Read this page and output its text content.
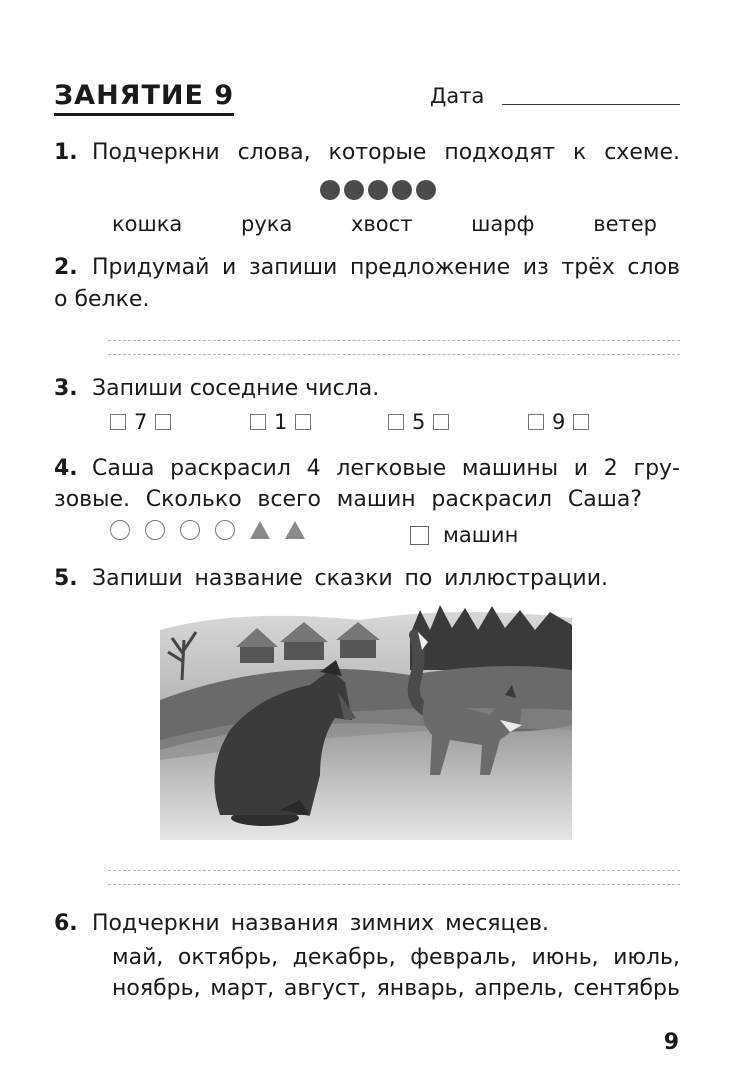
ЗАНЯТИЕ 9	Дата
1. Подчеркни слова, которые подходят к схеме.
кошка	рука	хвост	шарф	ветер
2. Придумай и запиши предложение из трёх слов
о белке.
3. Запиши соседние числа.
7	1	5	9
4. Саша раскрасил 4 легковые машины и 2 гру-
зовые. Сколько всего машин раскрасил Саша?
машин
5. Запиши название сказки по иллюстрации.
6. Подчеркни названия зимних месяцев.
май, октябрь, декабрь, февраль, июнь, июль,
ноябрь, март, август, январь, апрель, сентябрь
9
